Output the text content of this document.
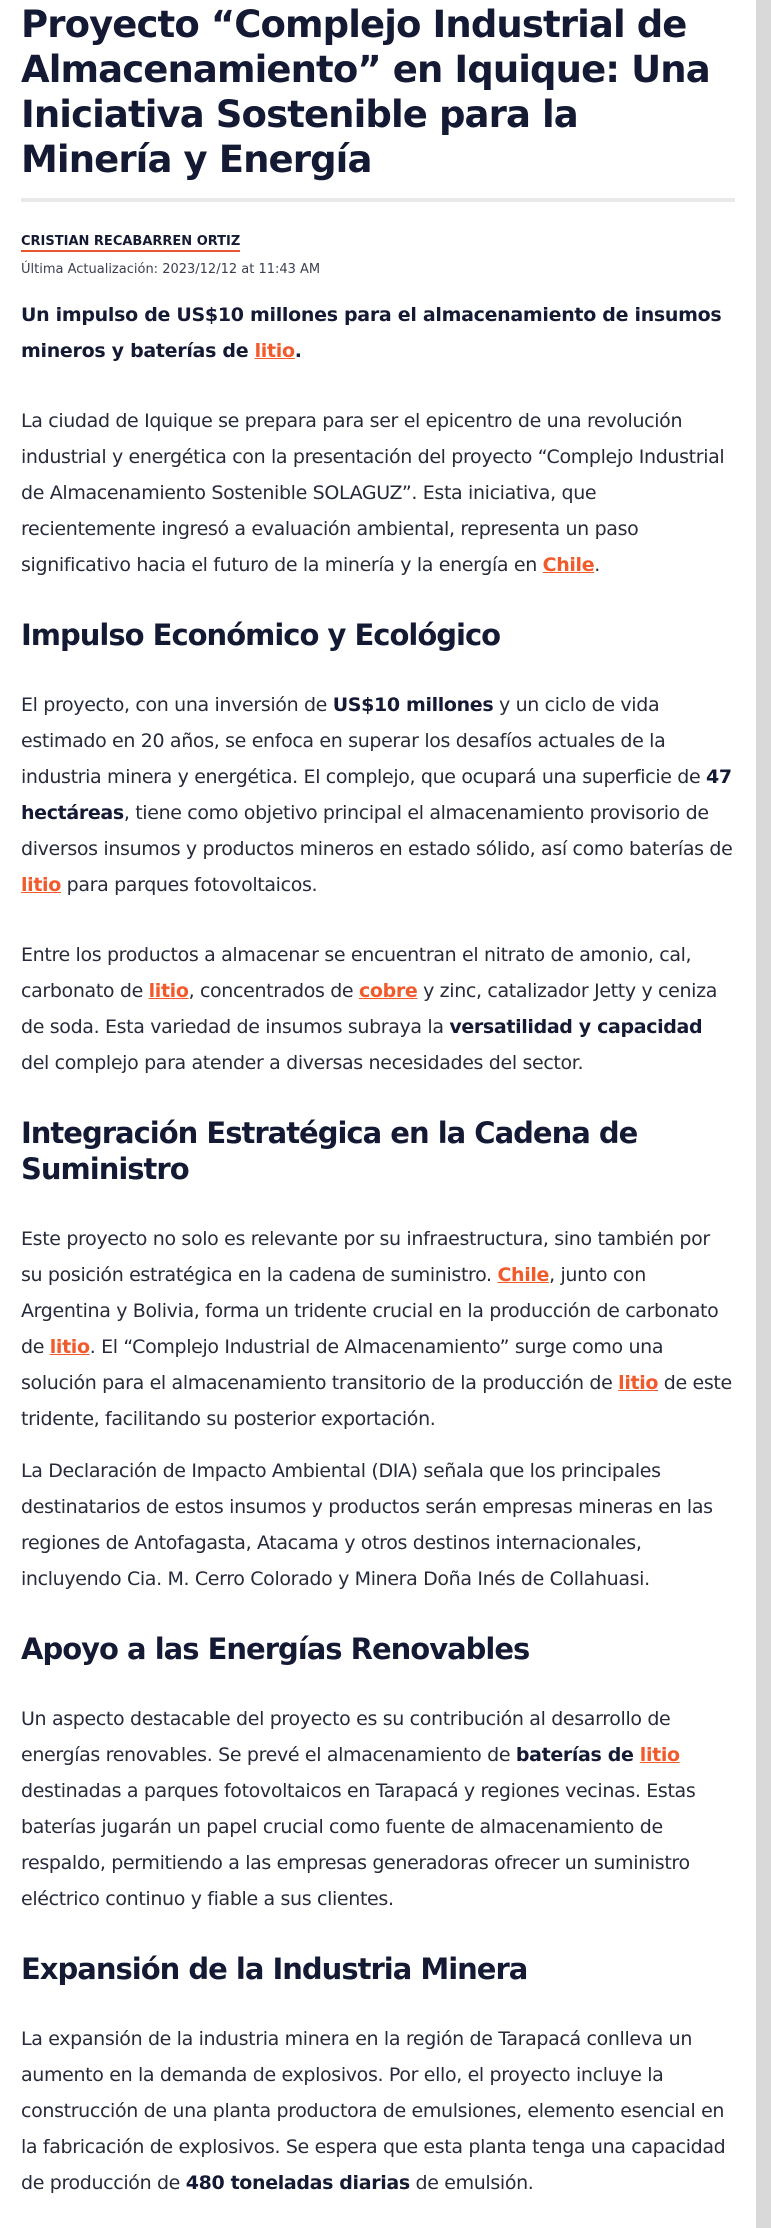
Proyecto “Complejo Industrial de Almacenamiento” en Iquique: Una Iniciativa Sostenible para la Minería y Energía
CRISTIAN RECABARREN ORTIZ
Última Actualización: 2023/12/12 at 11:43 AM
Un impulso de US$10 millones para el almacenamiento de insumos mineros y baterías de litio.

La ciudad de Iquique se prepara para ser el epicentro de una revolución industrial y energética con la presentación del proyecto “Complejo Industrial de Almacenamiento Sostenible SOLAGUZ”. Esta iniciativa, que recientemente ingresó a evaluación ambiental, representa un paso significativo hacia el futuro de la minería y la energía en Chile.

Impulso Económico y Ecológico

El proyecto, con una inversión de US$10 millones y un ciclo de vida estimado en 20 años, se enfoca en superar los desafíos actuales de la industria minera y energética. El complejo, que ocupará una superficie de 47 hectáreas, tiene como objetivo principal el almacenamiento provisorio de diversos insumos y productos mineros en estado sólido, así como baterías de litio para parques fotovoltaicos.

Entre los productos a almacenar se encuentran el nitrato de amonio, cal, carbonato de litio, concentrados de cobre y zinc, catalizador Jetty y ceniza de soda. Esta variedad de insumos subraya la versatilidad y capacidad del complejo para atender a diversas necesidades del sector.

Integración Estratégica en la Cadena de Suministro

Este proyecto no solo es relevante por su infraestructura, sino también por su posición estratégica en la cadena de suministro. Chile, junto con Argentina y Bolivia, forma un tridente crucial en la producción de carbonato de litio. El “Complejo Industrial de Almacenamiento” surge como una solución para el almacenamiento transitorio de la producción de litio de este tridente, facilitando su posterior exportación.

La Declaración de Impacto Ambiental (DIA) señala que los principales destinatarios de estos insumos y productos serán empresas mineras en las regiones de Antofagasta, Atacama y otros destinos internacionales, incluyendo Cia. M. Cerro Colorado y Minera Doña Inés de Collahuasi.

Apoyo a las Energías Renovables

Un aspecto destacable del proyecto es su contribución al desarrollo de energías renovables. Se prevé el almacenamiento de baterías de litio destinadas a parques fotovoltaicos en Tarapacá y regiones vecinas. Estas baterías jugarán un papel crucial como fuente de almacenamiento de respaldo, permitiendo a las empresas generadoras ofrecer un suministro eléctrico continuo y fiable a sus clientes.

Expansión de la Industria Minera

La expansión de la industria minera en la región de Tarapacá conlleva un aumento en la demanda de explosivos. Por ello, el proyecto incluye la construcción de una planta productora de emulsiones, elemento esencial en la fabricación de explosivos. Se espera que esta planta tenga una capacidad de producción de 480 toneladas diarias de emulsión.
